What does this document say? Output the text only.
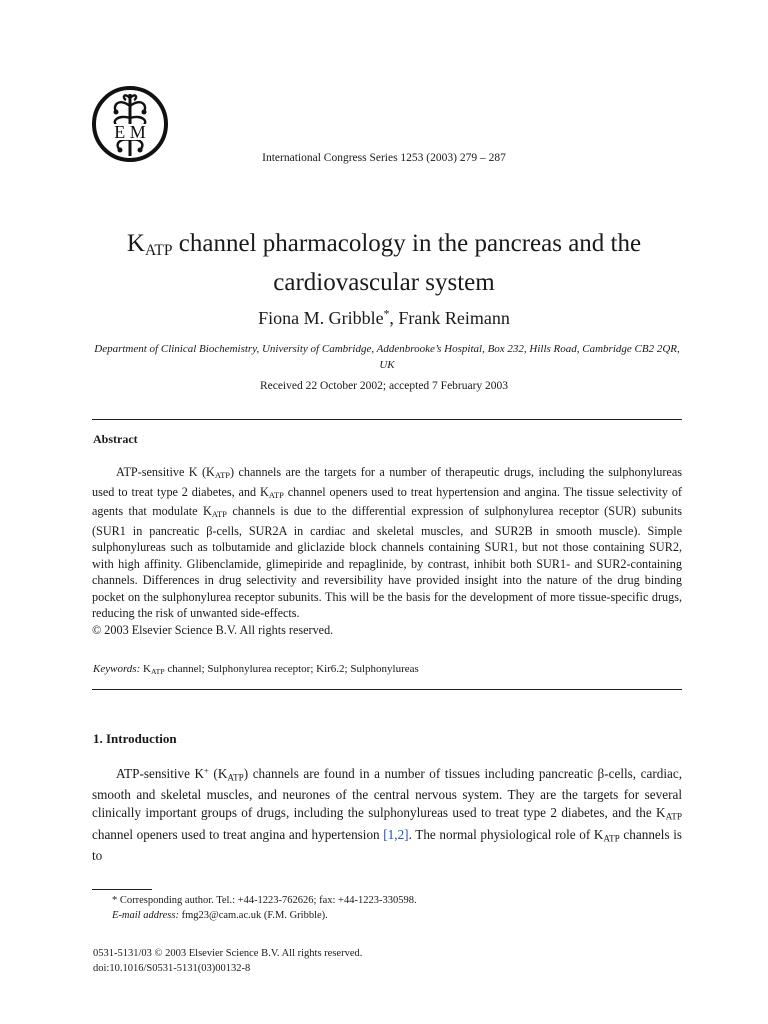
E M
International Congress Series 1253 (2003) 279 – 287
$K_{ATP}$ channel pharmacology in the pancreas and the cardiovascular system
Fiona M. Gribble*, Frank Reimann
Department of Clinical Biochemistry, University of Cambridge, Addenbrooke’s Hospital, Box 232, Hills Road, Cambridge CB2 2QR, UK
Received 22 October 2002; accepted 7 February 2003
Abstract

ATP-sensitive K $(K_{ATP})$ channels are the targets for a number of therapeutic drugs, including the sulphonylureas used to treat type 2 diabetes, and $K_{ATP}$ channel openers used to treat hypertension and angina. The tissue selectivity of agents that modulate $K_{ATP}$ channels is due to the differential expression of sulphonylurea receptor (SUR) subunits (SUR1 in pancreatic β-cells, SUR2A in cardiac and skeletal muscles, and SUR2B in smooth muscle). Simple sulphonylureas such as tolbutamide and gliclazide block channels containing SUR1, but not those containing SUR2, with high affinity. Glibenclamide, glimepiride and repaglinide, by contrast, inhibit both SUR1- and SUR2-containing channels. Differences in drug selectivity and reversibility have provided insight into the nature of the drug binding pocket on the sulphonylurea receptor subunits. This will be the basis for the development of more tissue-specific drugs, reducing the risk of unwanted side-effects.

© 2003 Elsevier Science B.V. All rights reserved.

Keywords: $K_{ATP}$ channel; Sulphonylurea receptor; Kir6.2; Sulphonylureas
1. Introduction
ATP-sensitive K+ $(K_{ATP})$ channels are found in a number of tissues including pancreatic β-cells, cardiac, smooth and skeletal muscles, and neurones of the central nervous system. They are the targets for several clinically important groups of drugs, including the sulphonylureas used to treat type 2 diabetes, and the $K_{ATP}$ channel openers used to treat angina and hypertension [1,2]. The normal physiological role of $K_{ATP}$ channels is to
* Corresponding author. Tel.: +44-1223-762626; fax: +44-1223-330598.
E-mail address: fmg23@cam.ac.uk (F.M. Gribble).
0531-5131/03 © 2003 Elsevier Science B.V. All rights reserved.
doi:10.1016/S0531-5131(03)00132-8
